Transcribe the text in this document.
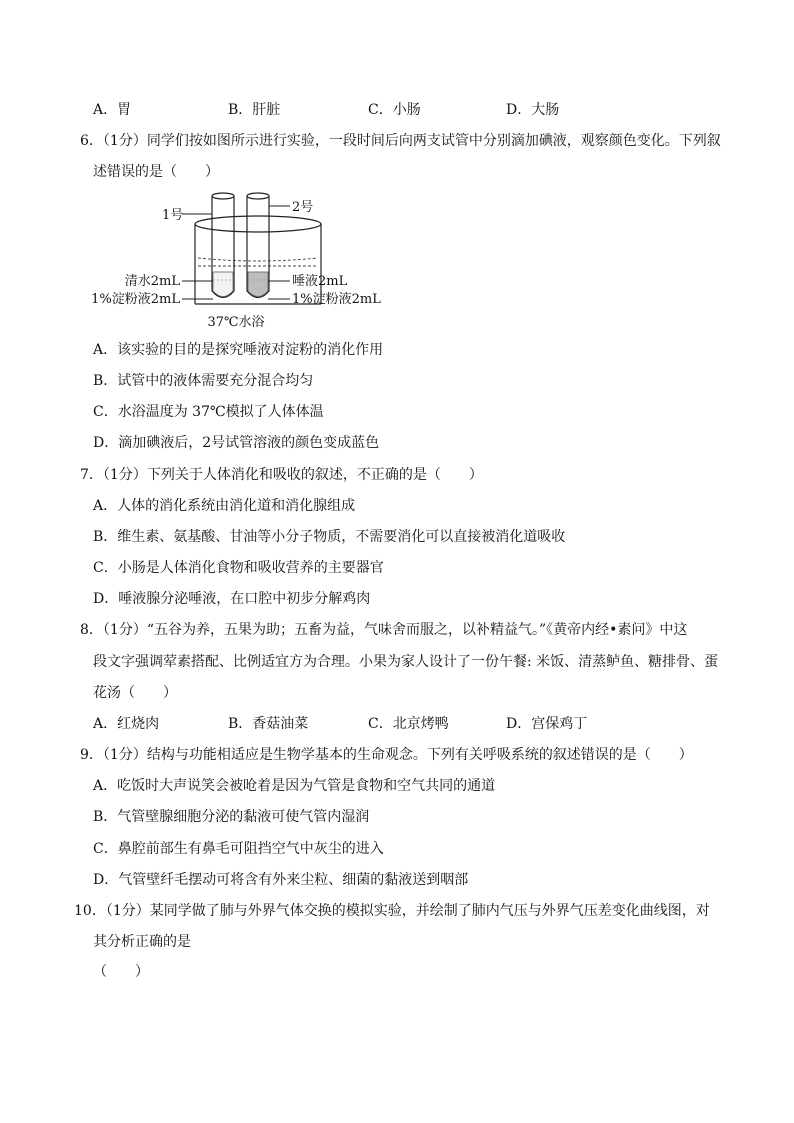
A．胃	B．肝脏	C．小肠	D．大肠
6．（1分）同学们按如图所示进行实验，一段时间后向两支试管中分别滴加碘液，观察颜色变化。下列叙
述错误的是（　　）
1号
2号
清水2mL
1%淀粉液2mL
唾液2mL
1%淀粉液2mL
37℃水浴
A．该实验的目的是探究唾液对淀粉的消化作用
B．试管中的液体需要充分混合均匀
C．水浴温度为 37℃模拟了人体体温
D．滴加碘液后，2号试管溶液的颜色变成蓝色
7．（1分）下列关于人体消化和吸收的叙述，不正确的是（　　）
A．人体的消化系统由消化道和消化腺组成
B．维生素、氨基酸、甘油等小分子物质，不需要消化可以直接被消化道吸收
C．小肠是人体消化食物和吸收营养的主要器官
D．唾液腺分泌唾液，在口腔中初步分解鸡肉
8．（1分）“五谷为养，五果为助；五畜为益，气味舍而服之，以补精益气。”《黄帝内经•素问》中这
段文字强调荤素搭配、比例适宜方为合理。小果为家人设计了一份午餐: 米饭、清蒸鲈鱼、糖排骨、蛋
花汤（　　）
A．红烧肉	B．香菇油菜	C．北京烤鸭	D．宫保鸡丁
9．（1分）结构与功能相适应是生物学基本的生命观念。下列有关呼吸系统的叙述错误的是（　　）
A．吃饭时大声说笑会被呛着是因为气管是食物和空气共同的通道
B．气管壁腺细胞分泌的黏液可使气管内湿润
C．鼻腔前部生有鼻毛可阻挡空气中灰尘的进入
D．气管壁纤毛摆动可将含有外来尘粒、细菌的黏液送到咽部
10．（1分）某同学做了肺与外界气体交换的模拟实验，并绘制了肺内气压与外界气压差变化曲线图，对
其分析正确的是
（　　）
